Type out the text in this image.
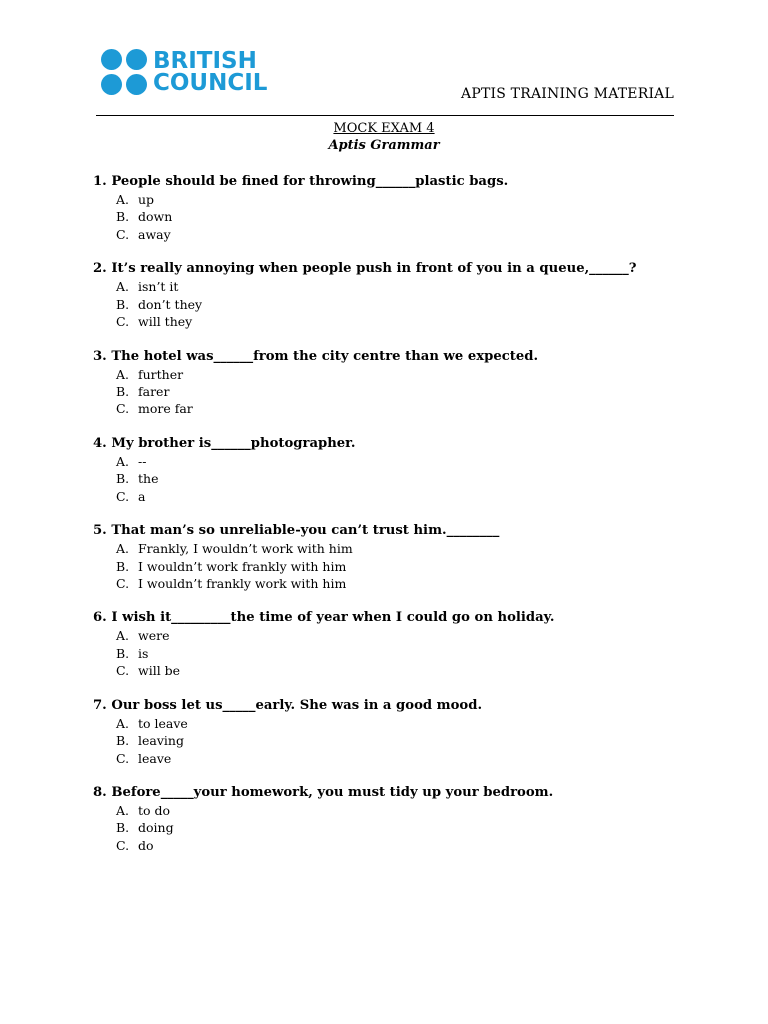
BRITISH
COUNCIL	APTIS TRAINING MATERIAL
MOCK EXAM 4
Aptis Grammar
1. People should be fined for throwing______plastic bags.
A. up
B. down
C. away
2. It’s really annoying when people push in front of you in a queue,______?
A. isn’t it
B. don’t they
C. will they
3. The hotel was______from the city centre than we expected.
A. further
B. farer
C. more far
4. My brother is______photographer.
A. --
B. the
C. a
5. That man’s so unreliable-you can’t trust him.________
A. Frankly, I wouldn’t work with him
B. I wouldn’t work frankly with him
C. I wouldn’t frankly work with him
6. I wish it_________the time of year when I could go on holiday.
A. were
B. is
C. will be
7. Our boss let us_____early. She was in a good mood.
A. to leave
B. leaving
C. leave
8. Before_____your homework, you must tidy up your bedroom.
A. to do
B. doing
C. do
